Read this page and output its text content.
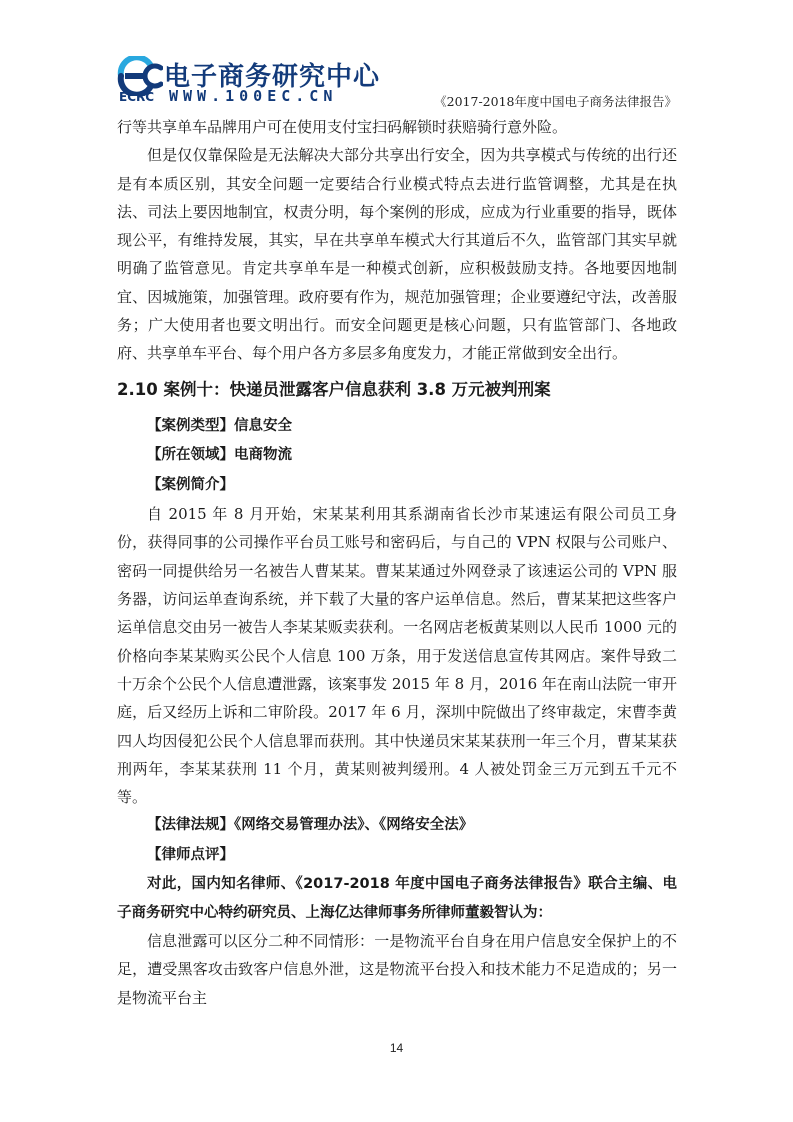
电子商务研究中心
ECRC WWW.100EC.CN	《2017-2018年度中国电子商务法律报告》

行等共享单车品牌用户可在使用支付宝扫码解锁时获赔骑行意外险。

但是仅仅靠保险是无法解决大部分共享出行安全，因为共享模式与传统的出行还是有本质区别，其安全问题一定要结合行业模式特点去进行监管调整，尤其是在执法、司法上要因地制宜，权责分明，每个案例的形成，应成为行业重要的指导，既体现公平，有维持发展，其实，早在共享单车模式大行其道后不久，监管部门其实早就明确了监管意见。肯定共享单车是一种模式创新，应积极鼓励支持。各地要因地制宜、因城施策，加强管理。政府要有作为，规范加强管理；企业要遵纪守法，改善服务；广大使用者也要文明出行。而安全问题更是核心问题，只有监管部门、各地政府、共享单车平台、每个用户各方多层多角度发力，才能正常做到安全出行。

2.10 案例十：快递员泄露客户信息获利 3.8 万元被判刑案

【案例类型】信息安全

【所在领域】电商物流

【案例简介】

自 2015 年 8 月开始，宋某某利用其系湖南省长沙市某速运有限公司员工身份，获得同事的公司操作平台员工账号和密码后，与自己的 VPN 权限与公司账户、密码一同提供给另一名被告人曹某某。曹某某通过外网登录了该速运公司的 VPN 服务器，访问运单查询系统，并下载了大量的客户运单信息。然后，曹某某把这些客户运单信息交由另一被告人李某某贩卖获利。一名网店老板黄某则以人民币 1000 元的价格向李某某购买公民个人信息 100 万条，用于发送信息宣传其网店。案件导致二十万余个公民个人信息遭泄露，该案事发 2015 年 8 月，2016 年在南山法院一审开庭，后又经历上诉和二审阶段。2017 年 6 月，深圳中院做出了终审裁定，宋曹李黄四人均因侵犯公民个人信息罪而获刑。其中快递员宋某某获刑一年三个月，曹某某获刑两年，李某某获刑 11 个月，黄某则被判缓刑。4 人被处罚金三万元到五千元不等。

【法律法规】《网络交易管理办法》、《网络安全法》

【律师点评】

对此，国内知名律师、《2017-2018 年度中国电子商务法律报告》联合主编、电子商务研究中心特约研究员、上海亿达律师事务所律师董毅智认为：

信息泄露可以区分二种不同情形：一是物流平台自身在用户信息安全保护上的不足，遭受黑客攻击致客户信息外泄，这是物流平台投入和技术能力不足造成的；另一是物流平台主

14
